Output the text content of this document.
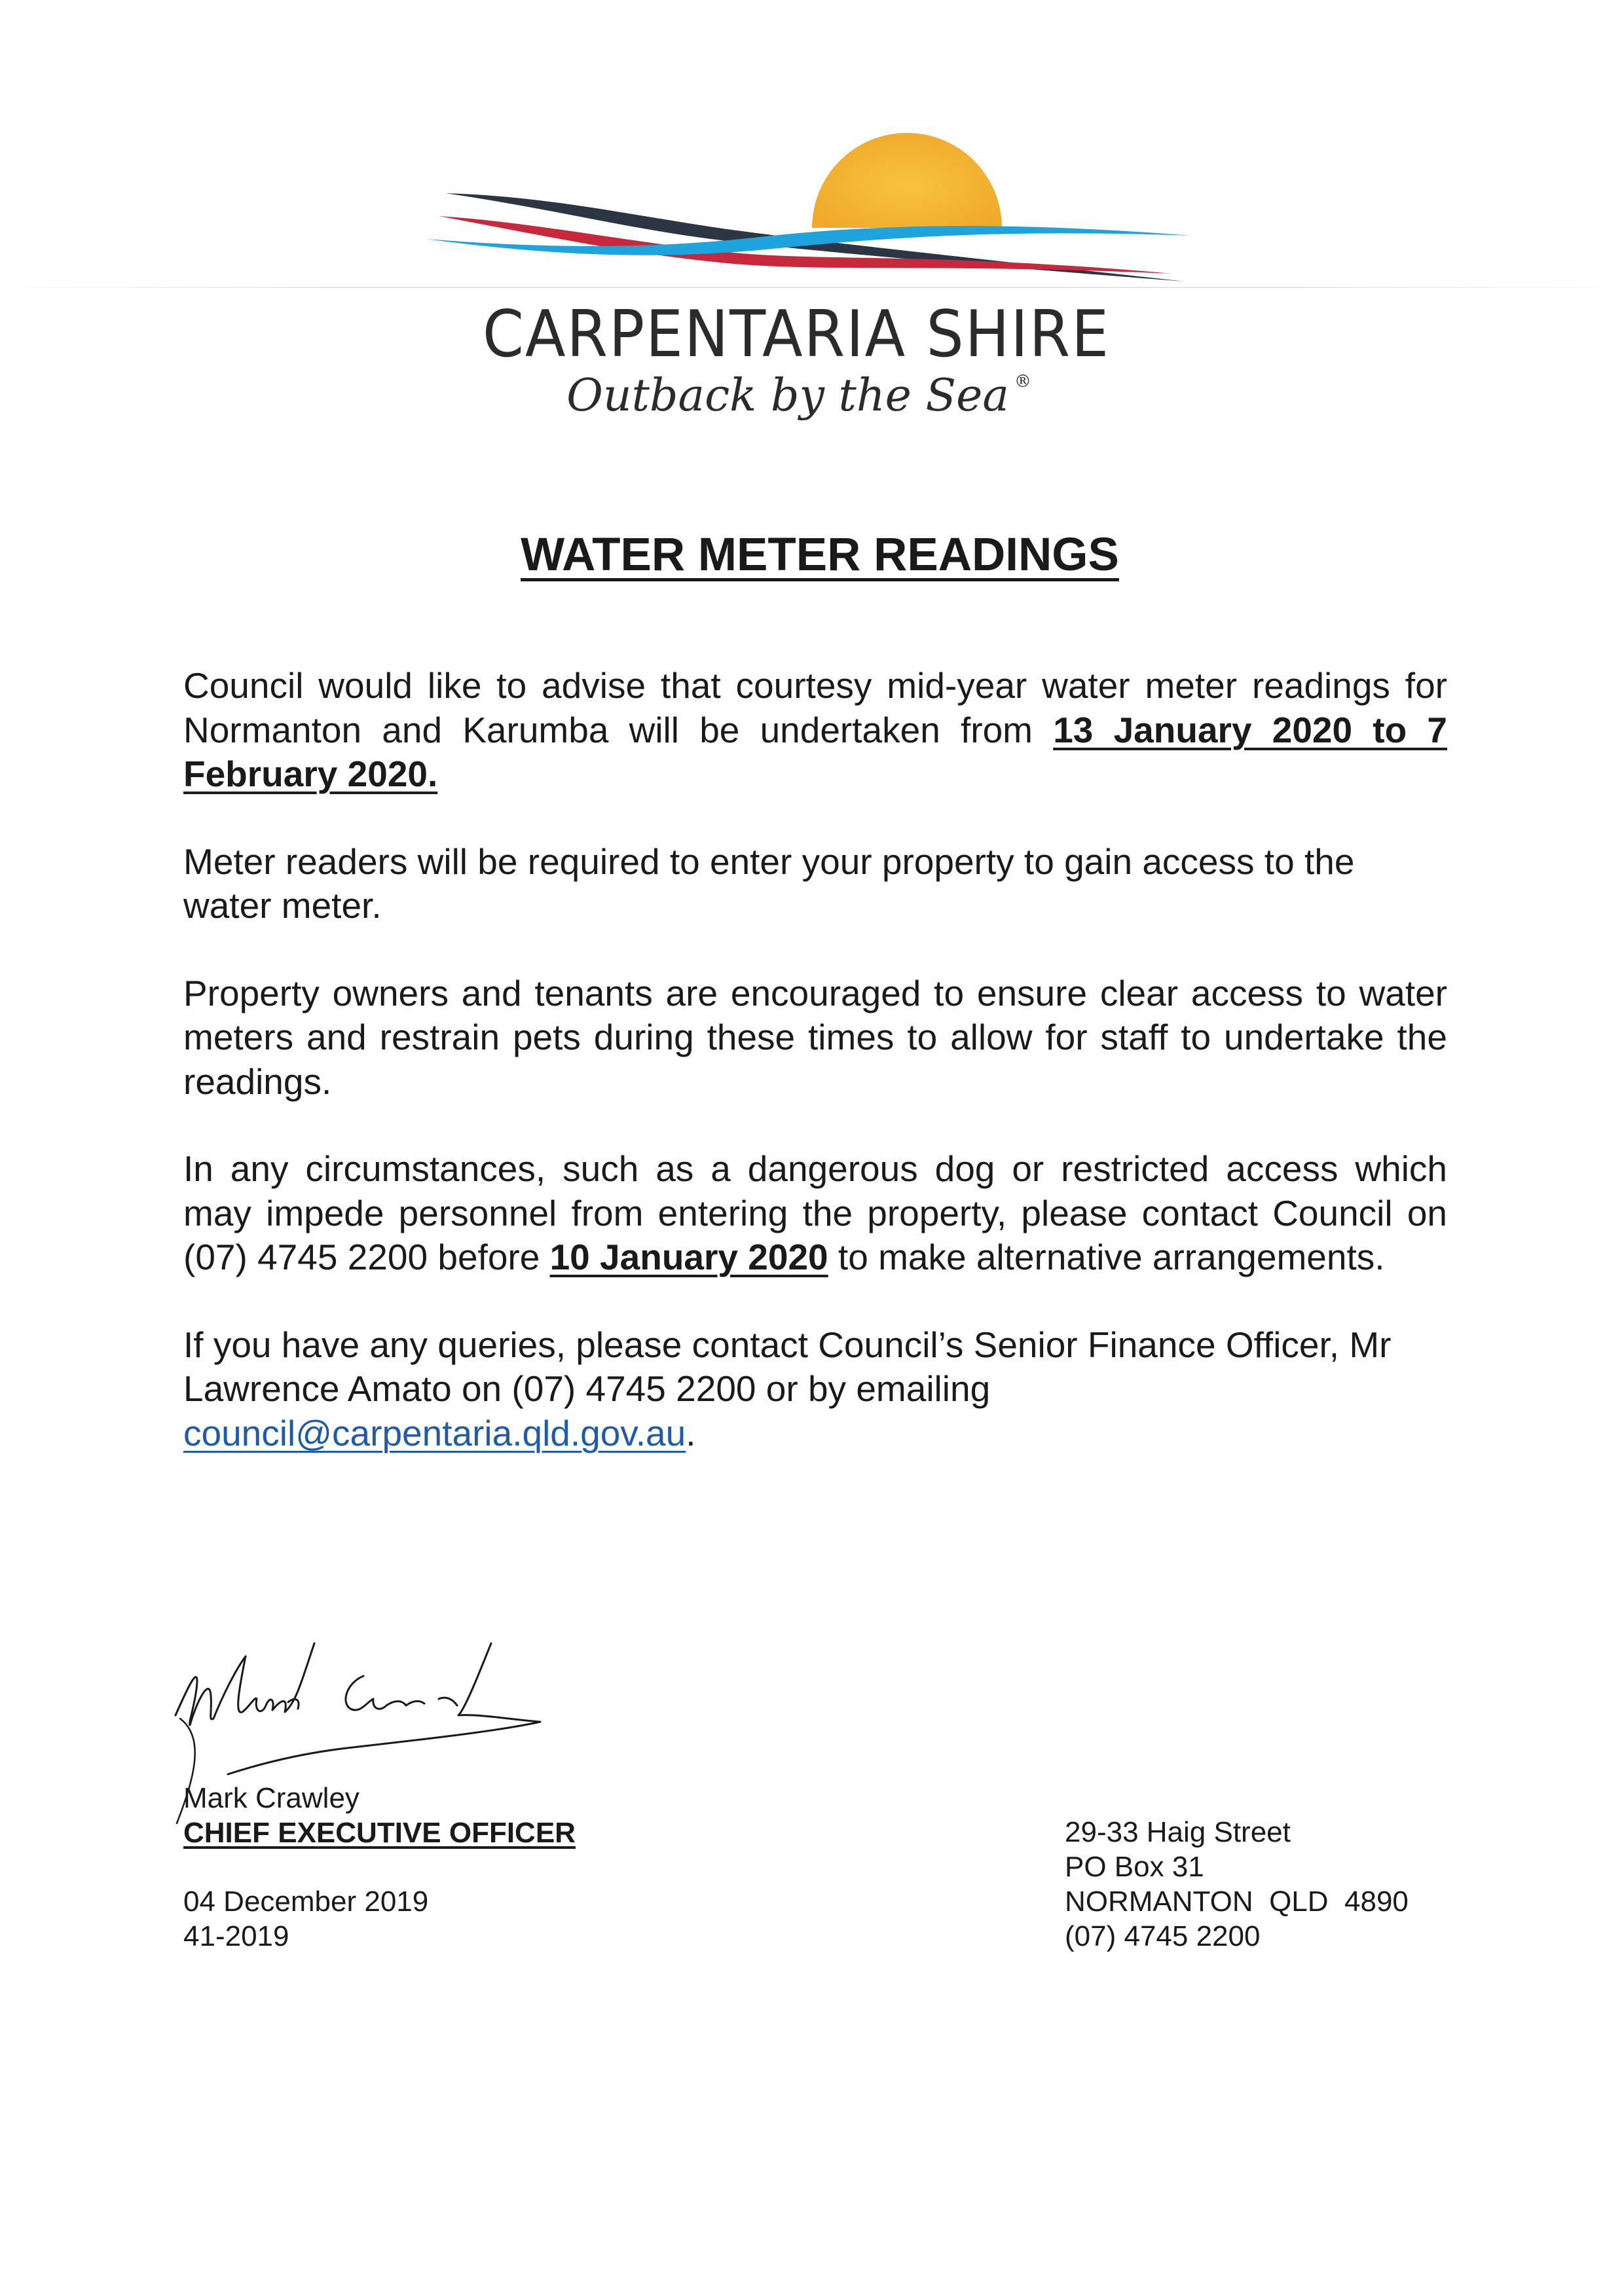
CARPENTARIA SHIRE
Outback by the Sea ®
WATER METER READINGS

Council would like to advise that courtesy mid-year water meter readings for Normanton and Karumba will be undertaken from 13 January 2020 to 7 February 2020.

Meter readers will be required to enter your property to gain access to the water meter.

Property owners and tenants are encouraged to ensure clear access to water meters and restrain pets during these times to allow for staff to undertake the readings.

In any circumstances, such as a dangerous dog or restricted access which may impede personnel from entering the property, please contact Council on (07) 4745 2200 before 10 January 2020 to make alternative arrangements.

If you have any queries, please contact Council’s Senior Finance Officer, Mr Lawrence Amato on (07) 4745 2200 or by emailing council@carpentaria.qld.gov.au.

Mark Crawley
CHIEF EXECUTIVE OFFICER
04 December 2019
41-2019
29-33 Haig Street
PO Box 31
NORMANTON  QLD  4890
(07) 4745 2200
